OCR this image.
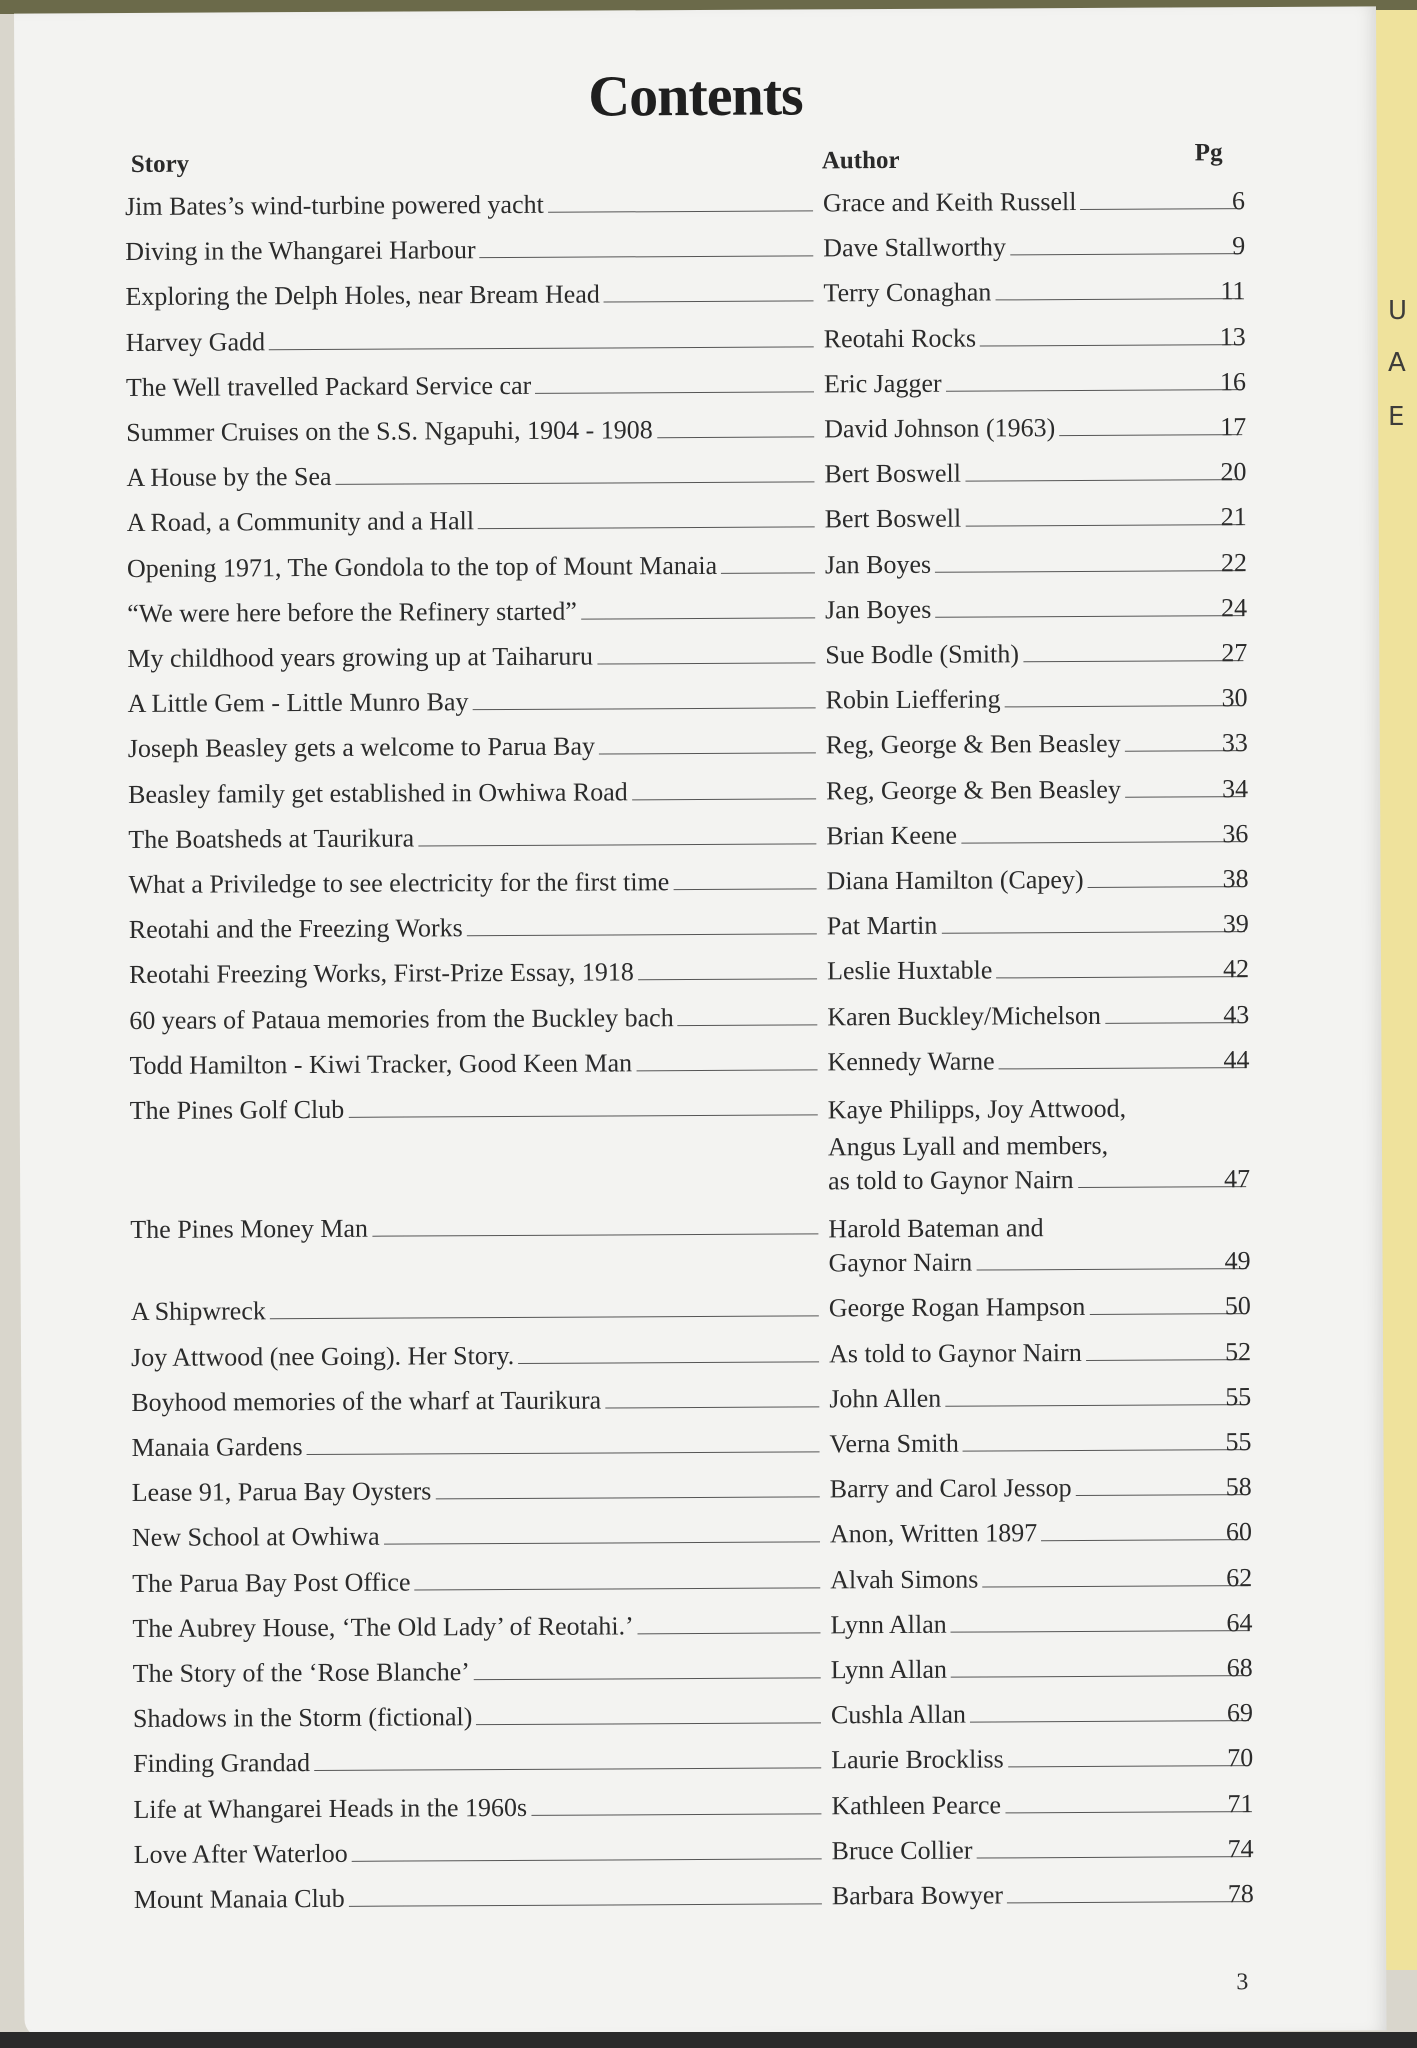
U
A
E
Contents
Story	Author	Pg
Jim Bates’s wind-turbine powered yacht	Grace and Keith Russell	6
Diving in the Whangarei Harbour	Dave Stallworthy	9
Exploring the Delph Holes, near Bream Head	Terry Conaghan	11
Harvey Gadd	Reotahi Rocks	13
The Well travelled Packard Service car	Eric Jagger	16
Summer Cruises on the S.S. Ngapuhi, 1904 - 1908	David Johnson (1963)	17
A House by the Sea	Bert Boswell	20
A Road, a Community and a Hall	Bert Boswell	21
Opening 1971, The Gondola to the top of Mount Manaia	Jan Boyes	22
“We were here before the Refinery started”	Jan Boyes	24
My childhood years growing up at Taiharuru	Sue Bodle (Smith)	27
A Little Gem - Little Munro Bay	Robin Lieffering	30
Joseph Beasley gets a welcome to Parua Bay	Reg, George & Ben Beasley	33
Beasley family get established in Owhiwa Road	Reg, George & Ben Beasley	34
The Boatsheds at Taurikura	Brian Keene	36
What a Priviledge to see electricity for the first time	Diana Hamilton (Capey)	38
Reotahi and the Freezing Works	Pat Martin	39
Reotahi Freezing Works, First-Prize Essay, 1918	Leslie Huxtable	42
60 years of Pataua memories from the Buckley bach	Karen Buckley/Michelson	43
Todd Hamilton - Kiwi Tracker, Good Keen Man	Kennedy Warne	44
The Pines Golf Club	Kaye Philipps, Joy Attwood,
Angus Lyall and members,
as told to Gaynor Nairn	47
The Pines Money Man	Harold Bateman and
Gaynor Nairn	49
A Shipwreck	George Rogan Hampson	50
Joy Attwood (nee Going). Her Story.	As told to Gaynor Nairn	52
Boyhood memories of the wharf at Taurikura	John Allen	55
Manaia Gardens	Verna Smith	55
Lease 91, Parua Bay Oysters	Barry and Carol Jessop	58
New School at Owhiwa	Anon, Written 1897	60
The Parua Bay Post Office	Alvah Simons	62
The Aubrey House, ‘The Old Lady’ of Reotahi.’	Lynn Allan	64
The Story of the ‘Rose Blanche’	Lynn Allan	68
Shadows in the Storm (fictional)	Cushla Allan	69
Finding Grandad	Laurie Brockliss	70
Life at Whangarei Heads in the 1960s	Kathleen Pearce	71
Love After Waterloo	Bruce Collier	74
Mount Manaia Club	Barbara Bowyer	78
3
